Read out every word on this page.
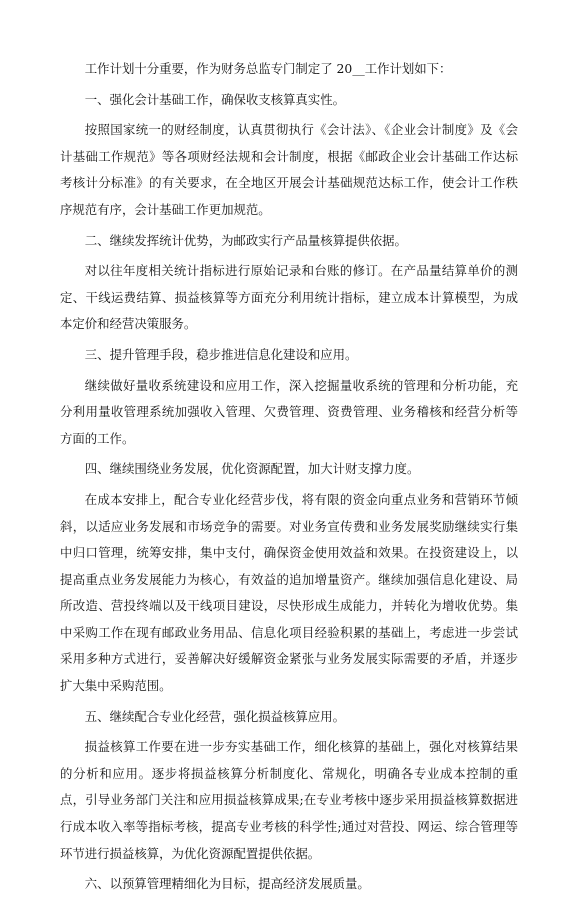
工作计划十分重要，作为财务总监专门制定了 20__工作计划如下：

一、强化会计基础工作，确保收支核算真实性。

按照国家统一的财经制度，认真贯彻执行《会计法》、《企业会计制度》及《会计基础工作规范》等各项财经法规和会计制度，根据《邮政企业会计基础工作达标考核计分标准》的有关要求，在全地区开展会计基础规范达标工作，使会计工作秩序规范有序，会计基础工作更加规范。

二、继续发挥统计优势，为邮政实行产品量核算提供依据。

对以往年度相关统计指标进行原始记录和台账的修订。在产品量结算单价的测定、干线运费结算、损益核算等方面充分利用统计指标，建立成本计算模型，为成本定价和经营决策服务。

三、提升管理手段，稳步推进信息化建设和应用。

继续做好量收系统建设和应用工作，深入挖掘量收系统的管理和分析功能，充分利用量收管理系统加强收入管理、欠费管理、资费管理、业务稽核和经营分析等方面的工作。

四、继续围绕业务发展，优化资源配置，加大计财支撑力度。

在成本安排上，配合专业化经营步伐，将有限的资金向重点业务和营销环节倾斜，以适应业务发展和市场竞争的需要。对业务宣传费和业务发展奖励继续实行集中归口管理，统筹安排，集中支付，确保资金使用效益和效果。在投资建设上，以提高重点业务发展能力为核心，有效益的追加增量资产。继续加强信息化建设、局所改造、营投终端以及干线项目建设，尽快形成生成能力，并转化为增收优势。集中采购工作在现有邮政业务用品、信息化项目经验积累的基础上，考虑进一步尝试采用多种方式进行，妥善解决好缓解资金紧张与业务发展实际需要的矛盾，并逐步扩大集中采购范围。

五、继续配合专业化经营，强化损益核算应用。

损益核算工作要在进一步夯实基础工作，细化核算的基础上，强化对核算结果的分析和应用。逐步将损益核算分析制度化、常规化，明确各专业成本控制的重点，引导业务部门关注和应用损益核算成果;在专业考核中逐步采用损益核算数据进行成本收入率等指标考核，提高专业考核的科学性;通过对营投、网运、综合管理等环节进行损益核算，为优化资源配置提供依据。

六、以预算管理精细化为目标，提高经济发展质量。
